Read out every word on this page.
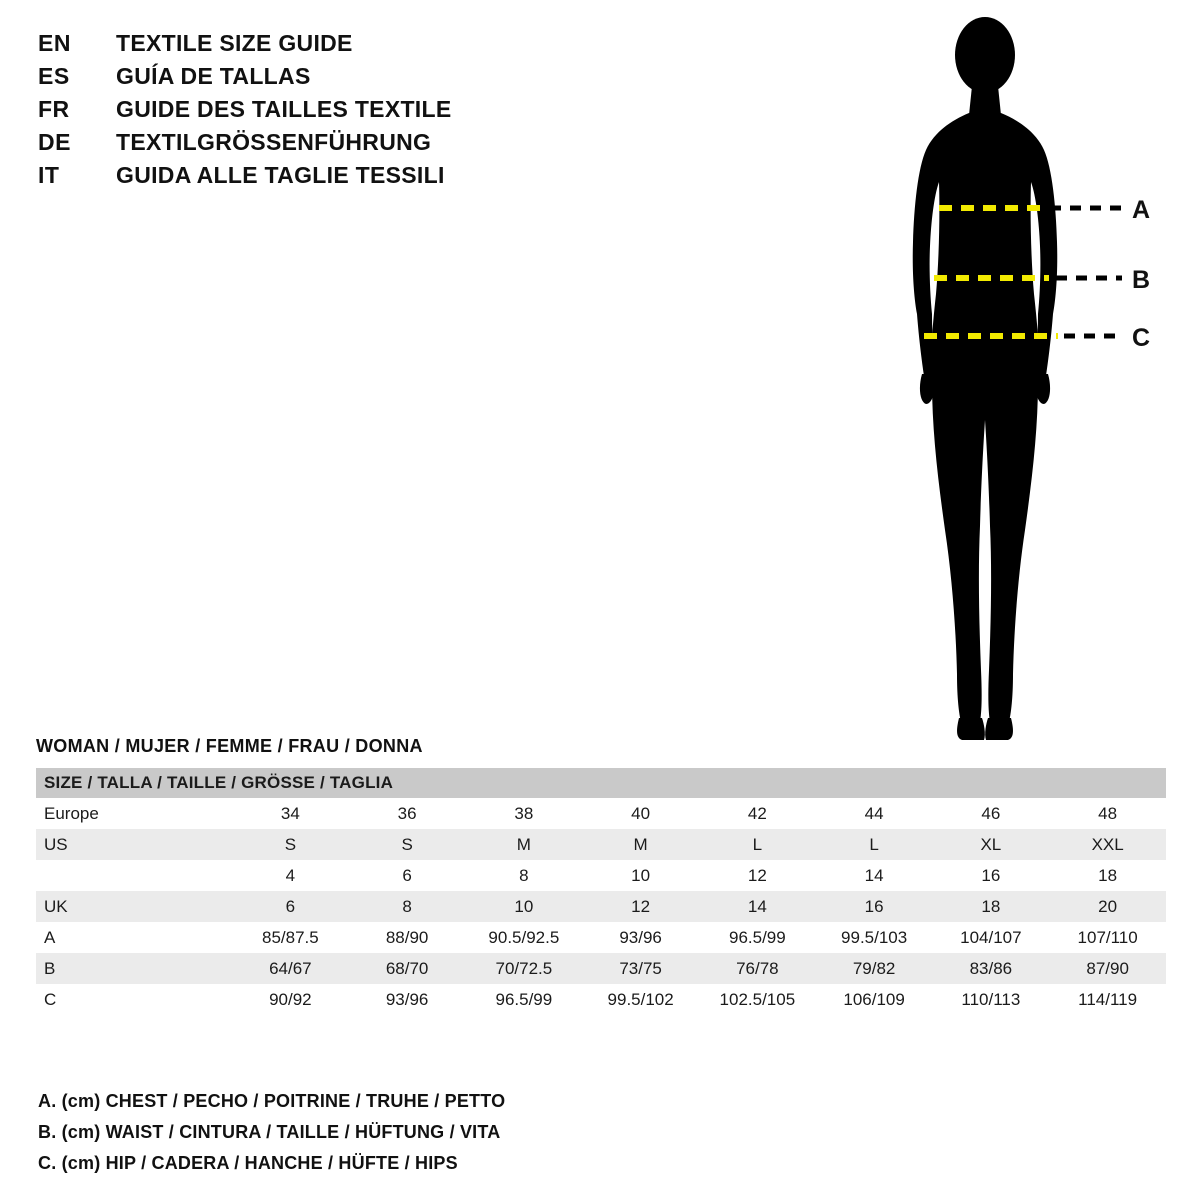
EN	TEXTILE SIZE GUIDE
ES	GUÍA DE TALLAS
FR	GUIDE DES TAILLES TEXTILE
DE	TEXTILGRÖSSENFÜHRUNG
IT	GUIDA ALLE TAGLIE TESSILI
A
B
C
WOMAN / MUJER / FEMME / FRAU / DONNA
SIZE / TALLA / TAILLE / GRÖSSE / TAGLIA								
Europe	34	36	38	40	42	44	46	48
US	S	S	M	M	L	L	XL	XXL
	4	6	8	10	12	14	16	18
UK	6	8	10	12	14	16	18	20
A	85/87.5	88/90	90.5/92.5	93/96	96.5/99	99.5/103	104/107	107/110
B	64/67	68/70	70/72.5	73/75	76/78	79/82	83/86	87/90
C	90/92	93/96	96.5/99	99.5/102	102.5/105	106/109	110/113	114/119
A. (cm) CHEST / PECHO / POITRINE / TRUHE / PETTO
B. (cm) WAIST / CINTURA / TAILLE / HÜFTUNG / VITA
C. (cm) HIP / CADERA / HANCHE / HÜFTE / HIPS
